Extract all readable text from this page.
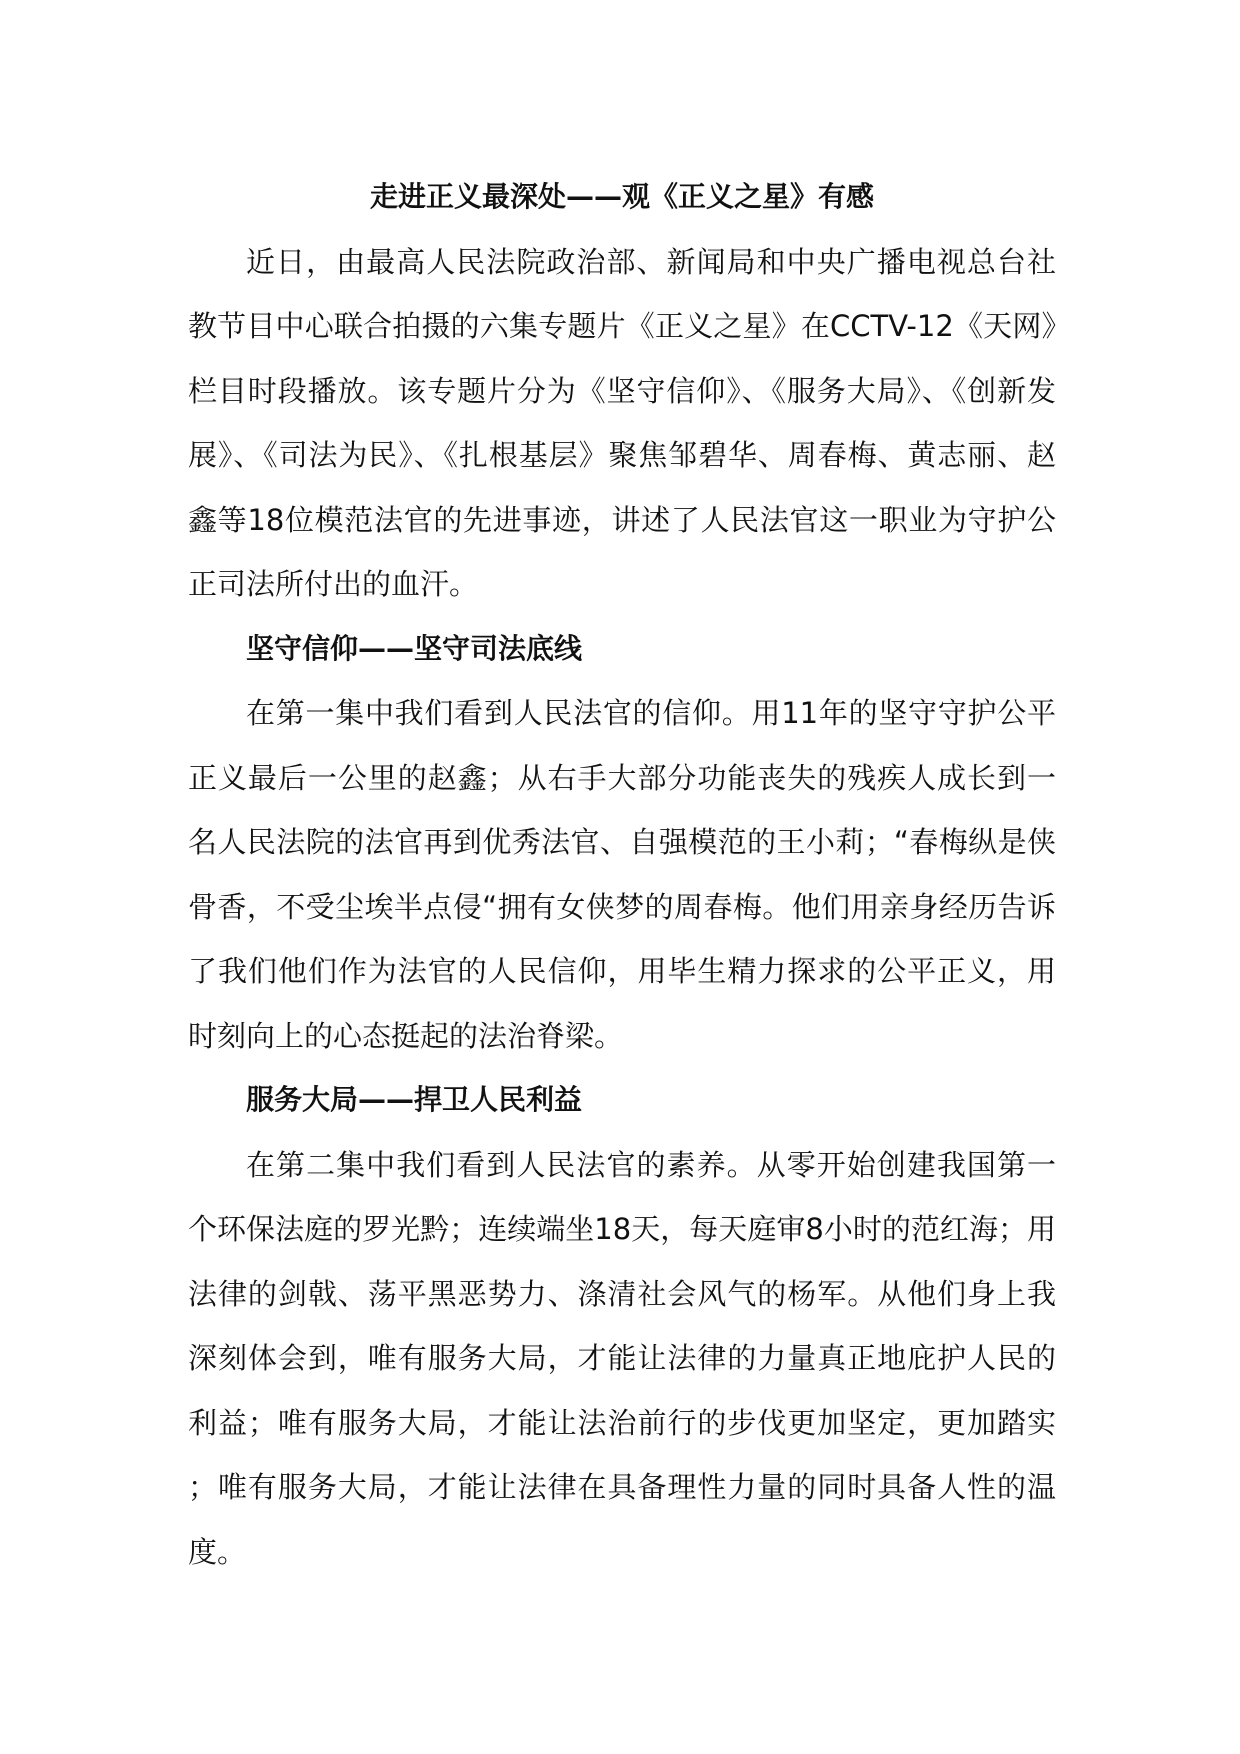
走进正义最深处——观《正义之星》有感

近日，由最高人民法院政治部、新闻局和中央广播电视总台社教节目中心联合拍摄的六集专题片《正义之星》在CCTV-12《天网》栏目时段播放。该专题片分为《坚守信仰》、《服务大局》、《创新发展》、《司法为民》、《扎根基层》聚焦邹碧华、周春梅、黄志丽、赵鑫等18位模范法官的先进事迹，讲述了人民法官这一职业为守护公正司法所付出的血汗。

坚守信仰——坚守司法底线

在第一集中我们看到人民法官的信仰。用11年的坚守守护公平正义最后一公里的赵鑫；从右手大部分功能丧失的残疾人成长到一名人民法院的法官再到优秀法官、自强模范的王小莉；“春梅纵是侠骨香，不受尘埃半点侵“拥有女侠梦的周春梅。他们用亲身经历告诉了我们他们作为法官的人民信仰，用毕生精力探求的公平正义，用时刻向上的心态挺起的法治脊梁。

服务大局——捍卫人民利益

在第二集中我们看到人民法官的素养。从零开始创建我国第一个环保法庭的罗光黔；连续端坐18天，每天庭审8小时的范红海；用法律的剑戟、荡平黑恶势力、涤清社会风气的杨军。从他们身上我深刻体会到，唯有服务大局，才能让法律的力量真正地庇护人民的利益；唯有服务大局，才能让法治前行的步伐更加坚定，更加踏实；唯有服务大局，才能让法律在具备理性力量的同时具备人性的温度。
